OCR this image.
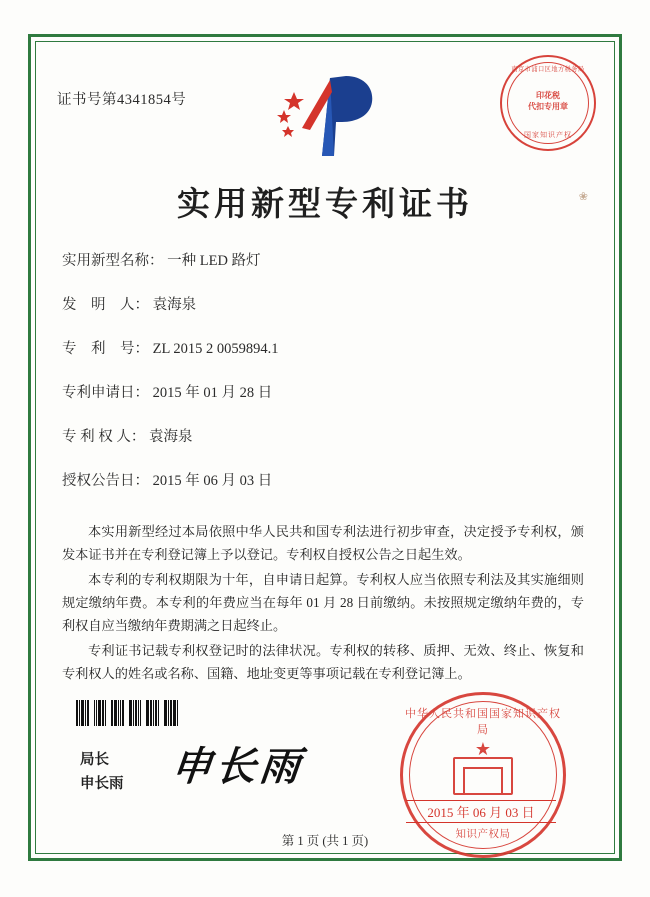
证书号第4341854号
南京市浦口区地方税务局
印花税
代扣专用章
国家知识产权
实用新型专利证书	❀
实用新型名称： 一种 LED 路灯
发　明　人： 袁海泉
专　利　号： ZL 2015 2 0059894.1
专利申请日： 2015 年 01 月 28 日
专 利 权 人： 袁海泉
授权公告日： 2015 年 06 月 03 日

本实用新型经过本局依照中华人民共和国专利法进行初步审查，决定授予专利权，颁发本证书并在专利登记簿上予以登记。专利权自授权公告之日起生效。

本专利的专利权期限为十年，自申请日起算。专利权人应当依照专利法及其实施细则规定缴纳年费。本专利的年费应当在每年 01 月 28 日前缴纳。未按照规定缴纳年费的，专利权自应当缴纳年费期满之日起终止。

专利证书记载专利权登记时的法律状况。专利权的转移、质押、无效、终止、恢复和专利权人的姓名或名称、国籍、地址变更等事项记载在专利登记簿上。

局长
申长雨 申长雨
中华人民共和国国家知识产权局
★
知识产权局
2015 年 06 月 03 日
第 1 页 (共 1 页)
